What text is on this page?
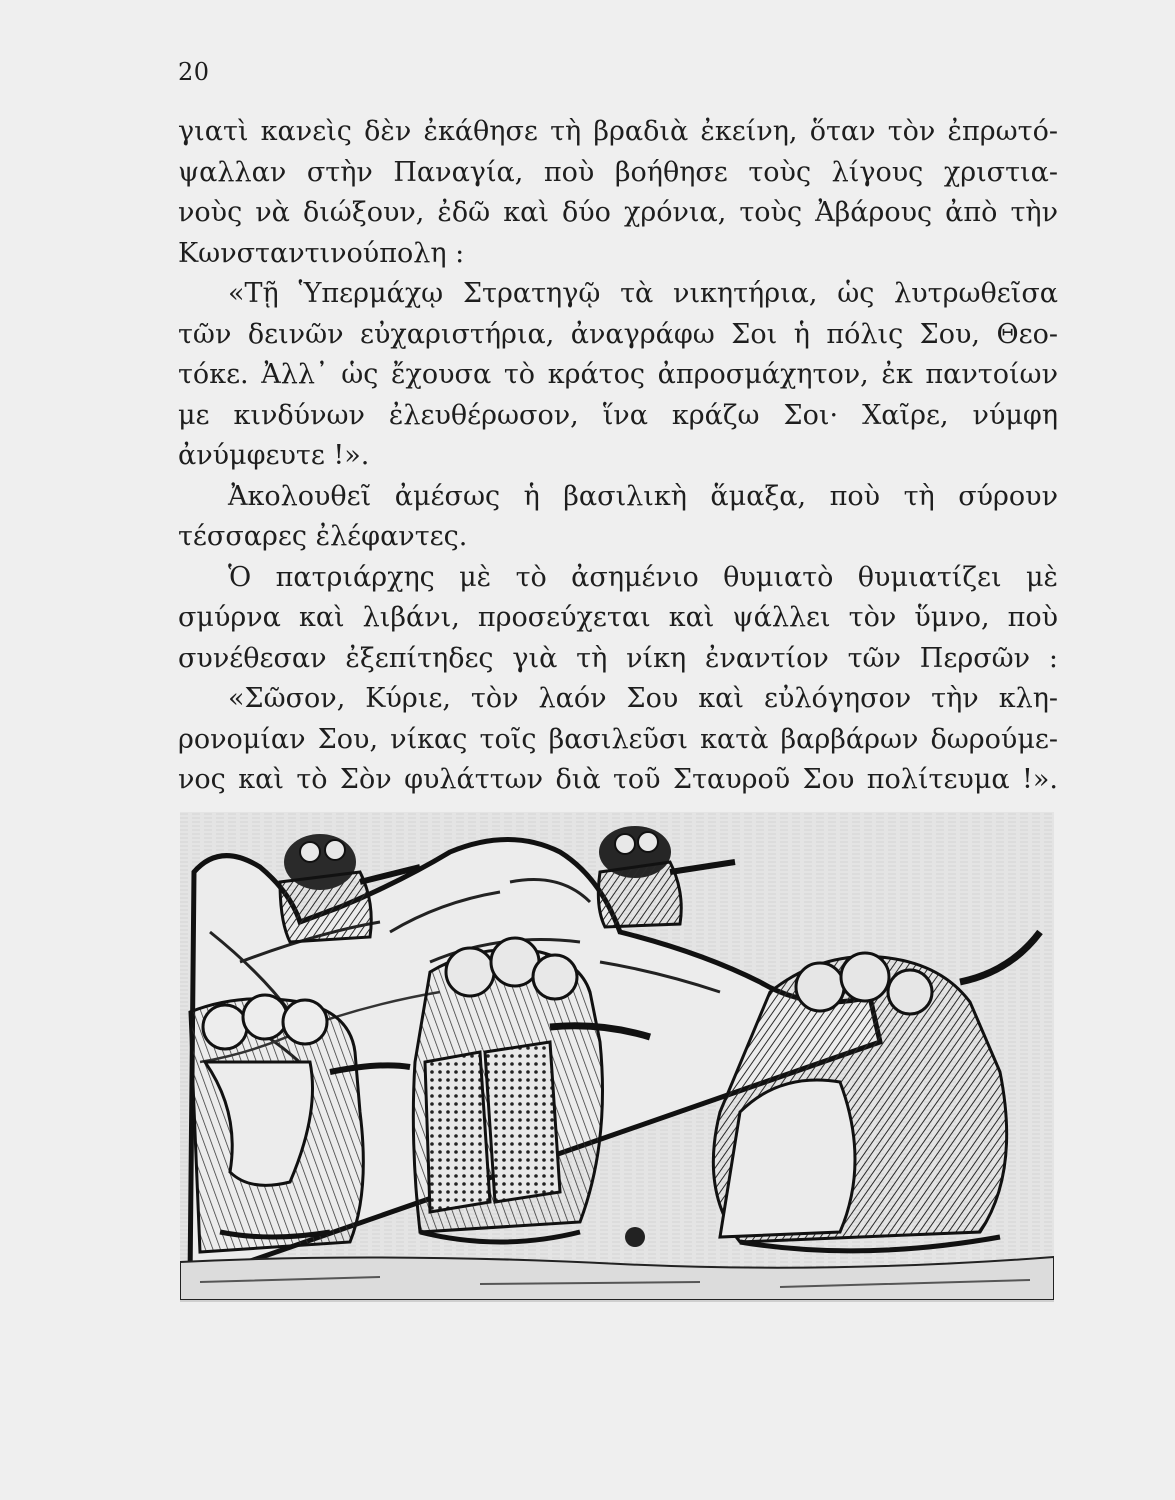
20
γιατὶ κανεὶς δὲν ἐκάθησε τὴ βραδιὰ ἐκείνη, ὅταν τὸν ἐπρωτό-
ψαλλαν στὴν Παναγία, ποὺ βοήθησε τοὺς λίγους χριστια-
νοὺς νὰ διώξουν, ἐδῶ καὶ δύο χρόνια, τοὺς Ἀβάρους ἀπὸ τὴν
Κωνσταντινούπολη :
«Τῇ Ὑπερμάχῳ Στρατηγῷ τὰ νικητήρια, ὡς λυτρωθεῖσα
τῶν δεινῶν εὐχαριστήρια, ἀναγράφω Σοι ἡ πόλις Σου, Θεο-
τόκε. Ἀλλ᾽ ὡς ἔχουσα τὸ κράτος ἀπροσμάχητον, ἐκ παντοίων
με κινδύνων ἐλευθέρωσον, ἵνα κράζω Σοι· Χαῖρε, νύμφη
ἀνύμφευτε !».
Ἀκολουθεῖ ἀμέσως ἡ βασιλικὴ ἅμαξα, ποὺ τὴ σύρουν
τέσσαρες ἐλέφαντες.
Ὁ πατριάρχης μὲ τὸ ἀσημένιο θυμιατὸ θυμιατίζει μὲ
σμύρνα καὶ λιβάνι, προσεύχεται καὶ ψάλλει τὸν ὕμνο, ποὺ
συνέθεσαν ἐξεπίτηδες γιὰ τὴ νίκη ἐναντίον τῶν Περσῶν :
«Σῶσον, Κύριε, τὸν λαόν Σου καὶ εὐλόγησον τὴν κλη-
ρονομίαν Σου, νίκας τοῖς βασιλεῦσι κατὰ βαρβάρων δωρούμε-
νος καὶ τὸ Σὸν φυλάττων διὰ τοῦ Σταυροῦ Σου πολίτευμα !».
